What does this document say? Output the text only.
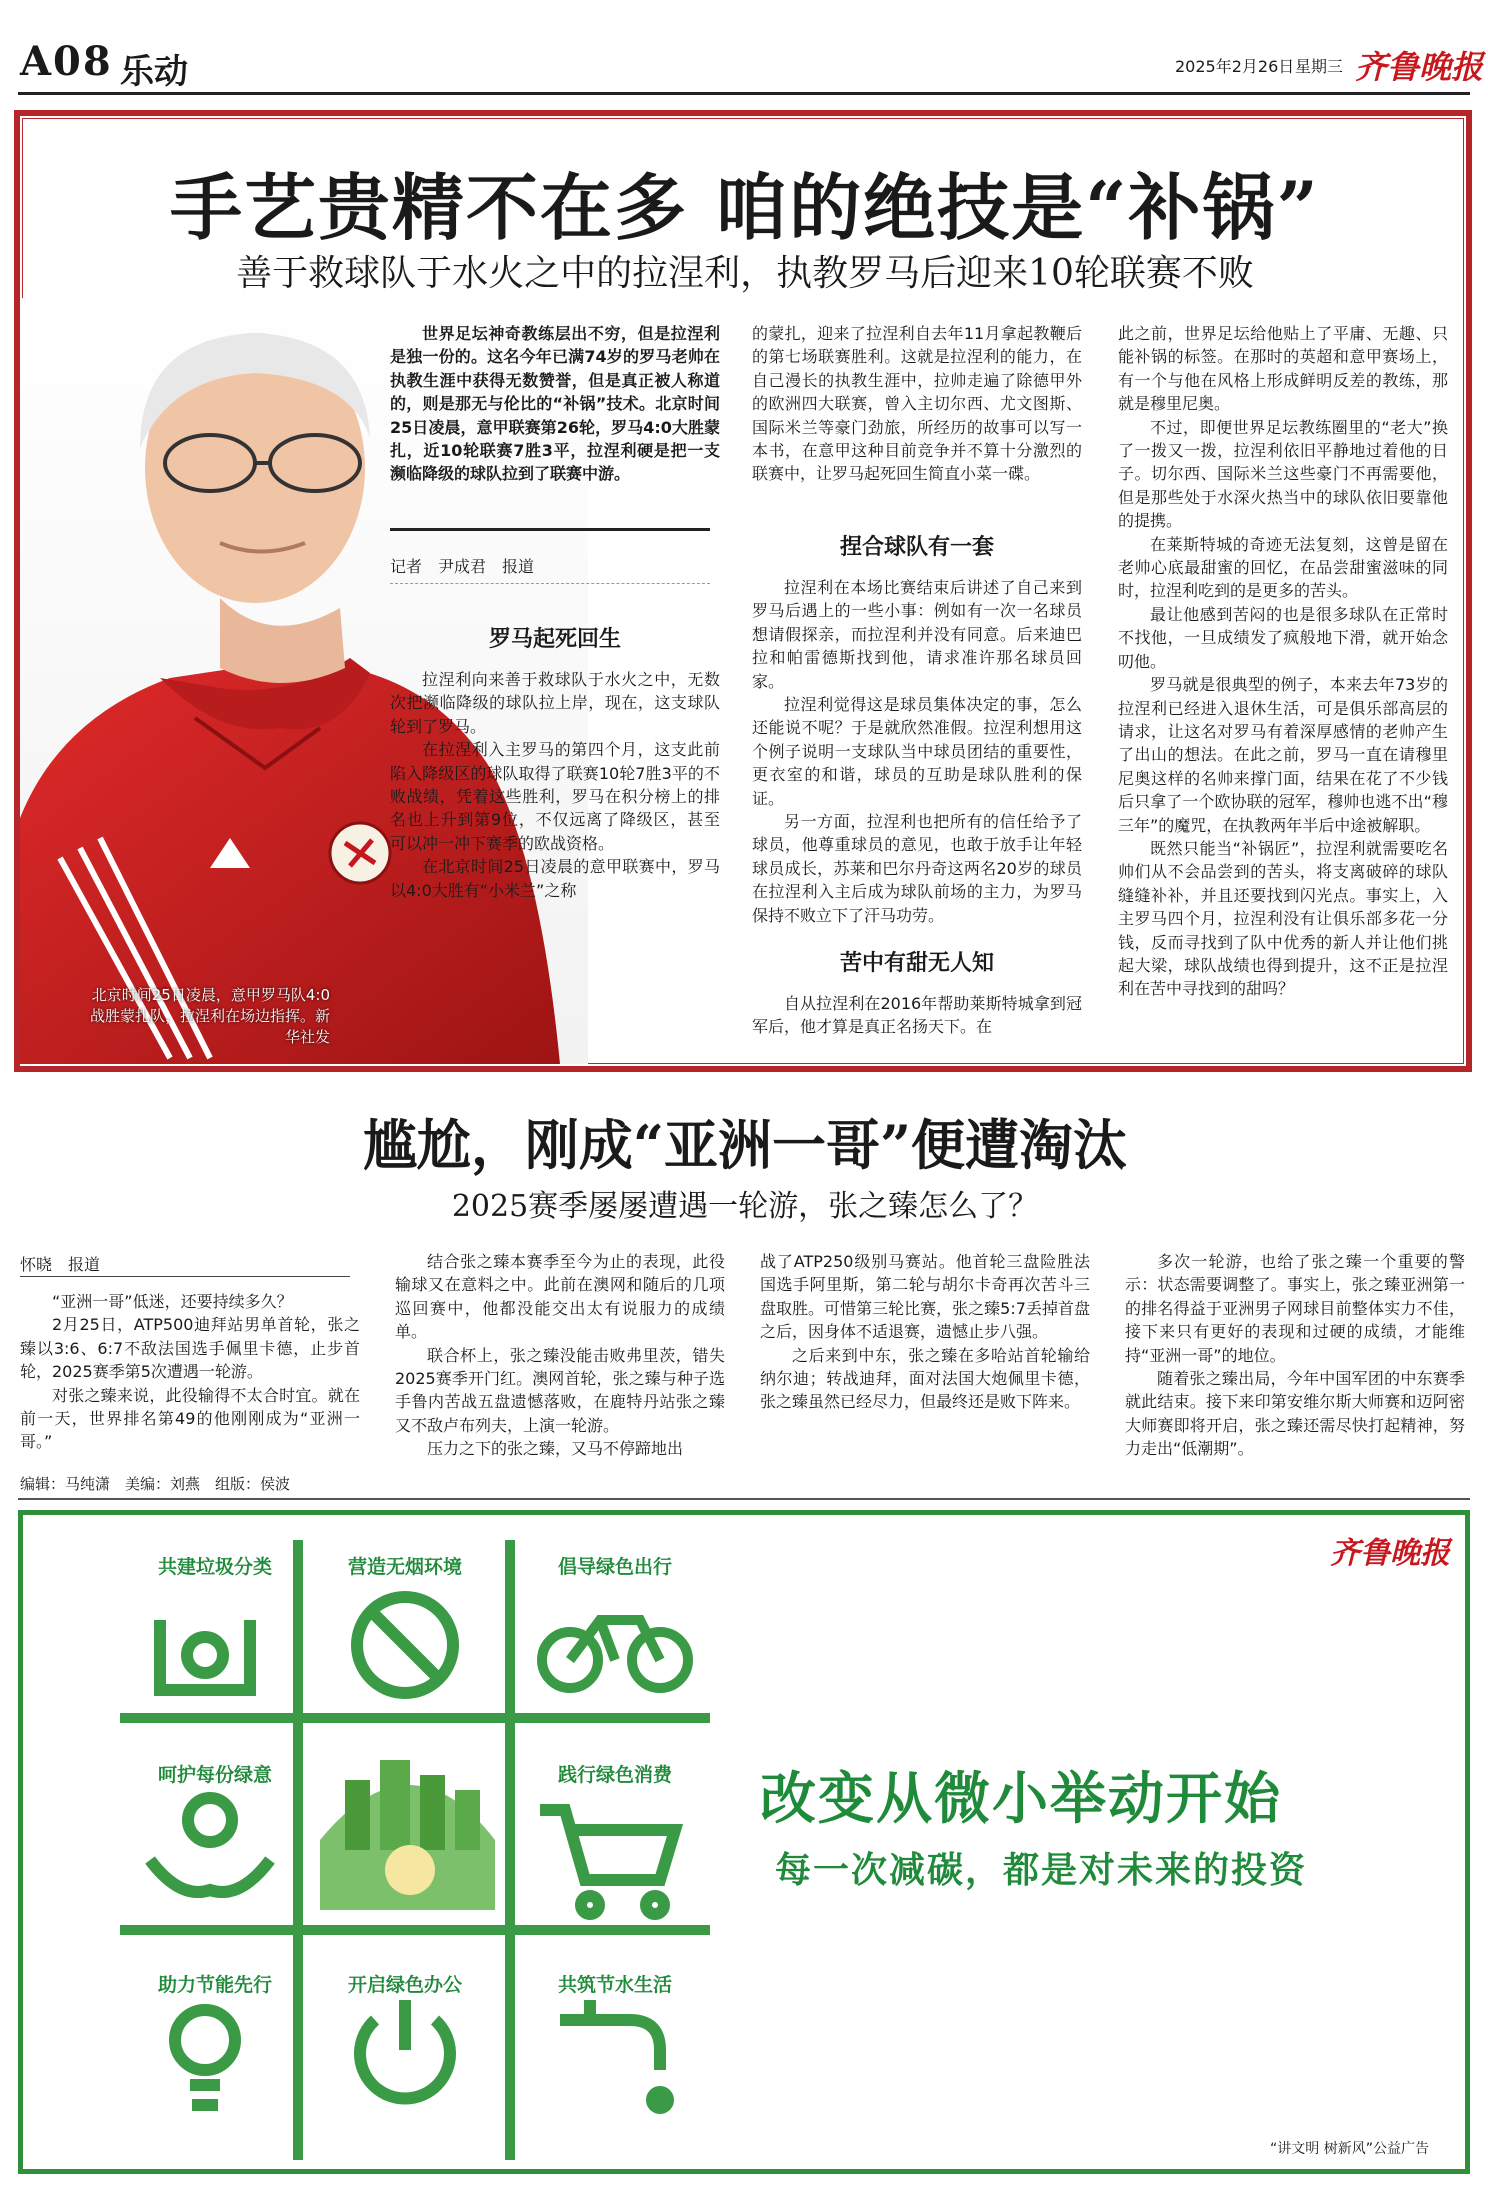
A08 乐动	2025年2月26日 星期三 齐鲁晚报
手艺贵精不在多 咱的绝技是“补锅”
善于救球队于水火之中的拉涅利，执教罗马后迎来10轮联赛不败
北京时间25日凌晨，意甲罗马队4:0战胜蒙扎队，拉涅利在场边指挥。新华社发

世界足坛神奇教练层出不穷，但是拉涅利是独一份的。这名今年已满74岁的罗马老帅在执教生涯中获得无数赞誉，但是真正被人称道的，则是那无与伦比的“补锅”技术。北京时间25日凌晨，意甲联赛第26轮，罗马4:0大胜蒙扎，近10轮联赛7胜3平，拉涅利硬是把一支濒临降级的球队拉到了联赛中游。

记者　尹成君　报道
罗马起死回生

拉涅利向来善于救球队于水火之中，无数次把濒临降级的球队拉上岸，现在，这支球队轮到了罗马。

在拉涅利入主罗马的第四个月，这支此前陷入降级区的球队取得了联赛10轮7胜3平的不败战绩，凭着这些胜利，罗马在积分榜上的排名也上升到第9位，不仅远离了降级区，甚至可以冲一冲下赛季的欧战资格。

在北京时间25日凌晨的意甲联赛中，罗马以4:0大胜有“小米兰”之称

的蒙扎，迎来了拉涅利自去年11月拿起教鞭后的第七场联赛胜利。这就是拉涅利的能力，在自己漫长的执教生涯中，拉帅走遍了除德甲外的欧洲四大联赛，曾入主切尔西、尤文图斯、国际米兰等豪门劲旅，所经历的故事可以写一本书，在意甲这种目前竞争并不算十分激烈的联赛中，让罗马起死回生简直小菜一碟。

捏合球队有一套

拉涅利在本场比赛结束后讲述了自己来到罗马后遇上的一些小事：例如有一次一名球员想请假探亲，而拉涅利并没有同意。后来迪巴拉和帕雷德斯找到他，请求准许那名球员回家。

拉涅利觉得这是球员集体决定的事，怎么还能说不呢？于是就欣然准假。拉涅利想用这个例子说明一支球队当中球员团结的重要性，更衣室的和谐，球员的互助是球队胜利的保证。

另一方面，拉涅利也把所有的信任给予了球员，他尊重球员的意见，也敢于放手让年轻球员成长，苏莱和巴尔丹奇这两名20岁的球员在拉涅利入主后成为球队前场的主力，为罗马保持不败立下了汗马功劳。

苦中有甜无人知

自从拉涅利在2016年帮助莱斯特城拿到冠军后，他才算是真正名扬天下。在

此之前，世界足坛给他贴上了平庸、无趣、只能补锅的标签。在那时的英超和意甲赛场上，有一个与他在风格上形成鲜明反差的教练，那就是穆里尼奥。

不过，即便世界足坛教练圈里的“老大”换了一拨又一拨，拉涅利依旧平静地过着他的日子。切尔西、国际米兰这些豪门不再需要他，但是那些处于水深火热当中的球队依旧要靠他的提携。

在莱斯特城的奇迹无法复刻，这曾是留在老帅心底最甜蜜的回忆，在品尝甜蜜滋味的同时，拉涅利吃到的是更多的苦头。

最让他感到苦闷的也是很多球队在正常时不找他，一旦成绩发了疯般地下滑，就开始念叨他。

罗马就是很典型的例子，本来去年73岁的拉涅利已经进入退休生活，可是俱乐部高层的请求，让这名对罗马有着深厚感情的老帅产生了出山的想法。在此之前，罗马一直在请穆里尼奥这样的名帅来撑门面，结果在花了不少钱后只拿了一个欧协联的冠军，穆帅也逃不出“穆三年”的魔咒，在执教两年半后中途被解职。

既然只能当“补锅匠”，拉涅利就需要吃名帅们从不会品尝到的苦头，将支离破碎的球队缝缝补补，并且还要找到闪光点。事实上，入主罗马四个月，拉涅利没有让俱乐部多花一分钱，反而寻找到了队中优秀的新人并让他们挑起大梁，球队战绩也得到提升，这不正是拉涅利在苦中寻找到的甜吗？

尴尬，刚成“亚洲一哥”便遭淘汰
2025赛季屡屡遭遇一轮游，张之臻怎么了？
怀晓　报道

“亚洲一哥”低迷，还要持续多久？

2月25日，ATP500迪拜站男单首轮，张之臻以3:6、6:7不敌法国选手佩里卡德，止步首轮，2025赛季第5次遭遇一轮游。

对张之臻来说，此役输得不太合时宜。就在前一天，世界排名第49的他刚刚成为“亚洲一哥。”

结合张之臻本赛季至今为止的表现，此役输球又在意料之中。此前在澳网和随后的几项巡回赛中，他都没能交出太有说服力的成绩单。

联合杯上，张之臻没能击败弗里茨，错失2025赛季开门红。澳网首轮，张之臻与种子选手鲁内苦战五盘遗憾落败，在鹿特丹站张之臻又不敌卢布列夫，上演一轮游。

压力之下的张之臻，又马不停蹄地出

战了ATP250级别马赛站。他首轮三盘险胜法国选手阿里斯，第二轮与胡尔卡奇再次苦斗三盘取胜。可惜第三轮比赛，张之臻5:7丢掉首盘之后，因身体不适退赛，遗憾止步八强。

之后来到中东，张之臻在多哈站首轮输给纳尔迪；转战迪拜，面对法国大炮佩里卡德，张之臻虽然已经尽力，但最终还是败下阵来。

多次一轮游，也给了张之臻一个重要的警示：状态需要调整了。事实上，张之臻亚洲第一的排名得益于亚洲男子网球目前整体实力不佳，接下来只有更好的表现和过硬的成绩，才能维持“亚洲一哥”的地位。

随着张之臻出局，今年中国军团的中东赛季就此结束。接下来印第安维尔斯大师赛和迈阿密大师赛即将开启，张之臻还需尽快打起精神，努力走出“低潮期”。

编辑：马纯潇　美编：刘燕　组版：侯波
齐鲁晚报
改变从微小举动开始
每一次减碳，都是对未来的投资
“讲文明 树新风”公益广告
共建垃圾分类	营造无烟环境	倡导绿色出行
呵护每份绿意	践行绿色消费
助力节能先行	开启绿色办公	共筑节水生活
